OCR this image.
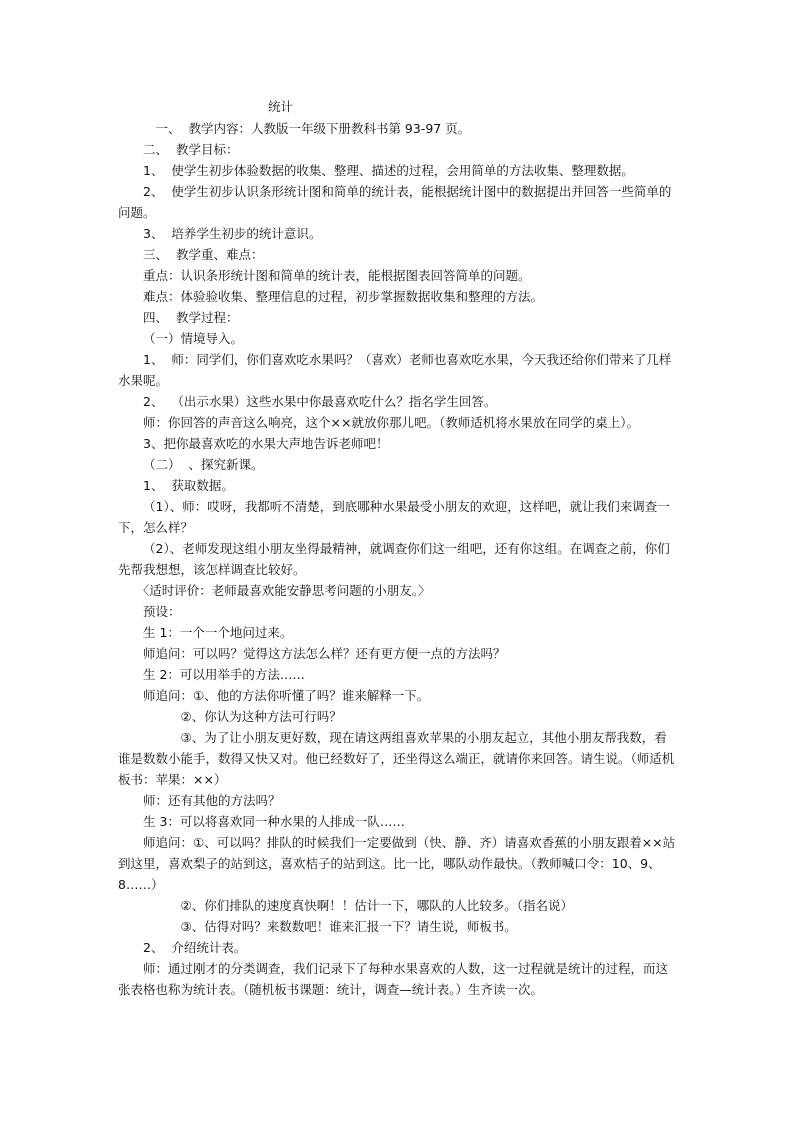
统计

一、  教学内容：人教版一年级下册教科书第 93-97 页。

二、  教学目标：

1、  使学生初步体验数据的收集、整理、描述的过程，会用简单的方法收集、整理数据。

2、  使学生初步认识条形统计图和简单的统计表，能根据统计图中的数据提出并回答一些简单的问题。

3、  培养学生初步的统计意识。

三、  教学重、难点：

重点：认识条形统计图和简单的统计表，能根据图表回答简单的问题。

难点：体验验收集、整理信息的过程，初步掌握数据收集和整理的方法。

四、  教学过程：

（一）情境导入。

1、  师：同学们，你们喜欢吃水果吗？（喜欢）老师也喜欢吃水果，今天我还给你们带来了几样水果呢。

2、  （出示水果）这些水果中你最喜欢吃什么？指名学生回答。

师：你回答的声音这么响亮，这个××就放你那儿吧。（教师适机将水果放在同学的桌上）。

3、把你最喜欢吃的水果大声地告诉老师吧！

（二）  、探究新课。

1、  获取数据。

（1）、师：哎呀，我都听不清楚，到底哪种水果最受小朋友的欢迎，这样吧，就让我们来调查一下，怎么样？

（2）、老师发现这组小朋友坐得最精神，就调查你们这一组吧，还有你这组。在调查之前，你们先帮我想想，该怎样调查比较好。

〈适时评价：老师最喜欢能安静思考问题的小朋友。〉

预设：

生 1：一个一个地问过来。

师追问：可以吗？觉得这方法怎么样？还有更方便一点的方法吗？

生 2：可以用举手的方法……

师追问：①、他的方法你听懂了吗？谁来解释一下。

②、你认为这种方法可行吗？

③、为了让小朋友更好数，现在请这两组喜欢苹果的小朋友起立，其他小朋友帮我数，看谁是数数小能手，数得又快又对。他已经数好了，还坐得这么端正，就请你来回答。请生说。（师适机板书：苹果：××）

师：还有其他的方法吗？

生 3：可以将喜欢同一种水果的人排成一队……

师追问：①、可以吗？排队的时候我们一定要做到（快、静、齐）请喜欢香蕉的小朋友跟着××站到这里，喜欢梨子的站到这，喜欢桔子的站到这。比一比，哪队动作最快。（教师喊口令：10、9、8……）

②、你们排队的速度真快啊！！估计一下，哪队的人比较多。（指名说）

③、估得对吗？来数数吧！谁来汇报一下？请生说，师板书。

2、  介绍统计表。

师：通过刚才的分类调查，我们记录下了每种水果喜欢的人数，这一过程就是统计的过程，而这张表格也称为统计表。（随机板书课题：统计，调查—统计表。）生齐读一次。
